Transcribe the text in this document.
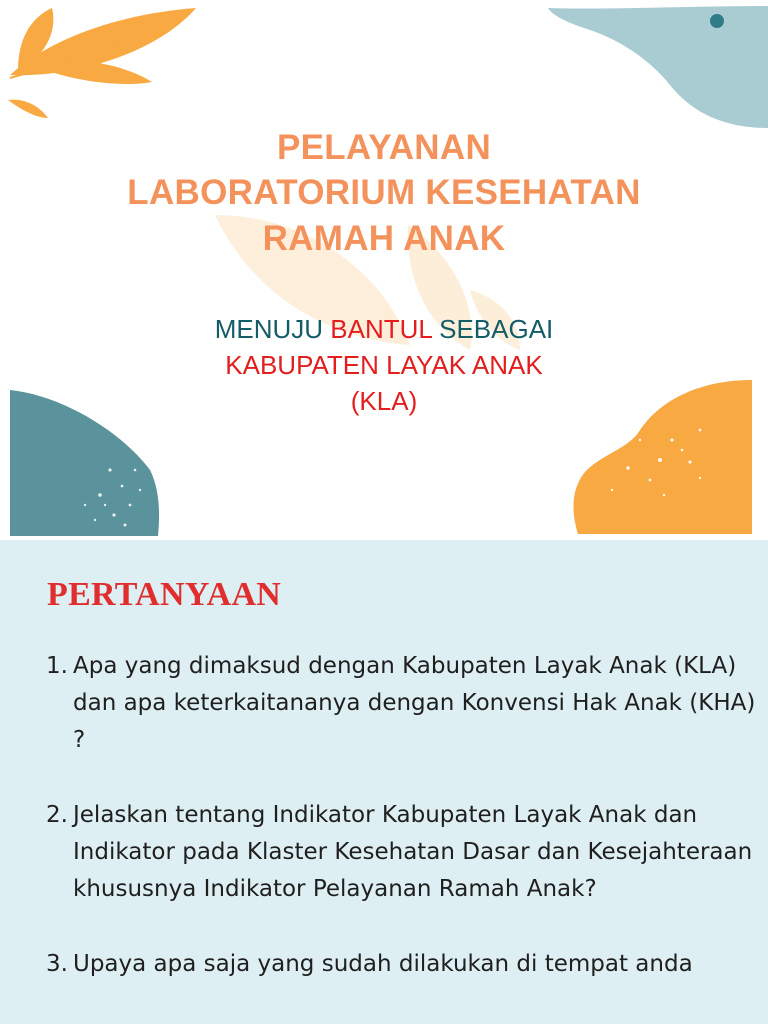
PELAYANAN
LABORATORIUM KESEHATAN
RAMAH ANAK
MENUJU BANTUL SEBAGAI
KABUPATEN LAYAK ANAK
(KLA)
PERTANYAAN
1. Apa yang dimaksud dengan Kabupaten Layak Anak (KLA) dan apa keterkaitananya dengan Konvensi Hak Anak (KHA) ?
2. Jelaskan tentang Indikator Kabupaten Layak Anak dan Indikator pada Klaster Kesehatan Dasar dan Kesejahteraan khususnya Indikator Pelayanan Ramah Anak?
3. Upaya apa saja yang sudah dilakukan di tempat anda
